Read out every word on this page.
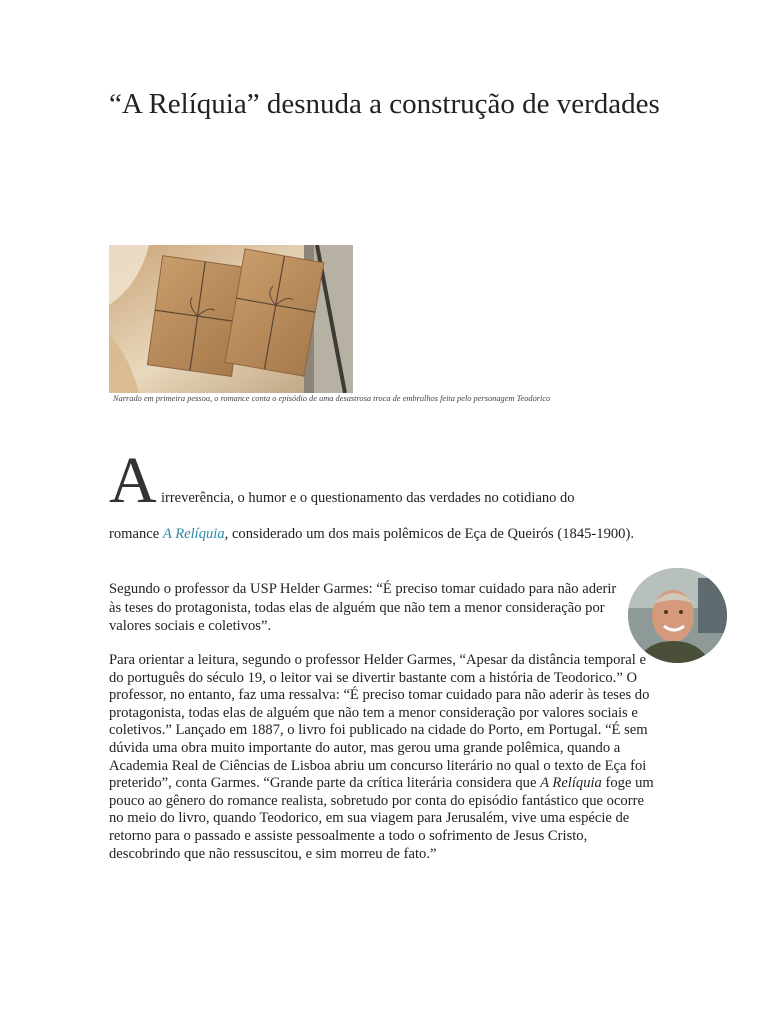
“A Relíquia” desnuda a construção de verdades
Narrado em primeira pessoa, o romance conta o episódio de uma desastrosa troca de embrulhos feita pelo personagem Teodorico
A irreverência, o humor e o questionamento das verdades no cotidiano do

romance A Relíquia, considerado um dos mais polêmicos de Eça de Queirós (1845-1900).

Segundo o professor da USP Helder Garmes: “É preciso tomar cuidado para não aderir às teses do protagonista, todas elas de alguém que não tem a menor consideração por valores sociais e coletivos”.

Para orientar a leitura, segundo o professor Helder Garmes, “Apesar da distância temporal e do português do século 19, o leitor vai se divertir bastante com a história de Teodorico.” O professor, no entanto, faz uma ressalva: “É preciso tomar cuidado para não aderir às teses do protagonista, todas elas de alguém que não tem a menor consideração por valores sociais e coletivos.” Lançado em 1887, o livro foi publicado na cidade do Porto, em Portugal. “É sem dúvida uma obra muito importante do autor, mas gerou uma grande polêmica, quando a Academia Real de Ciências de Lisboa abriu um concurso literário no qual o texto de Eça foi preterido”, conta Garmes. “Grande parte da crítica literária considera que A Relíquia foge um pouco ao gênero do romance realista, sobretudo por conta do episódio fantástico que ocorre no meio do livro, quando Teodorico, em sua viagem para Jerusalém, vive uma espécie de retorno para o passado e assiste pessoalmente a todo o sofrimento de Jesus Cristo, descobrindo que não ressuscitou, e sim morreu de fato.”
